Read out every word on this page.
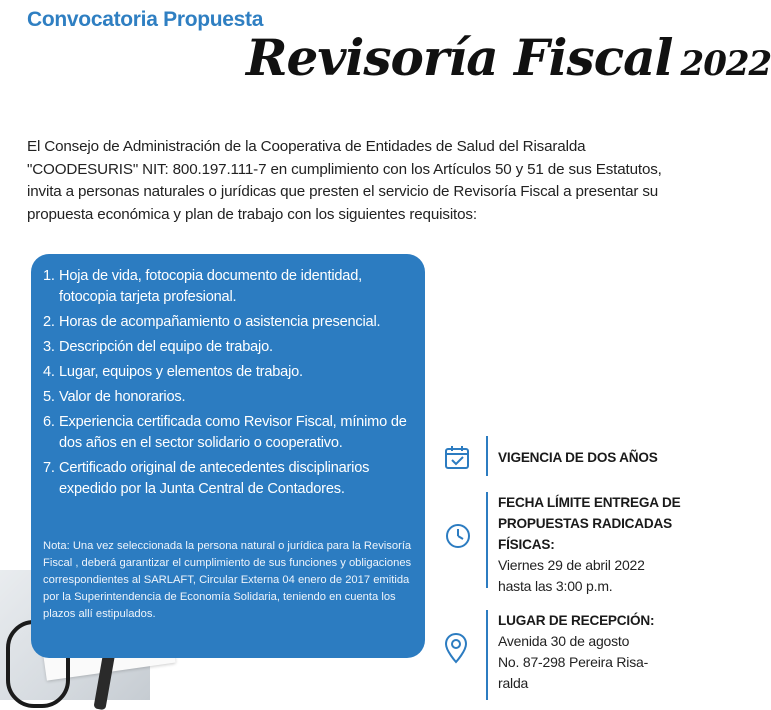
Convocatoria Propuesta
Revisoría Fiscal 2022
El Consejo de Administración de la Cooperativa de Entidades de Salud del Risaralda "COODESURIS" NIT: 800.197.111-7 en cumplimiento con los Artículos 50 y 51 de sus Estatutos, invita a personas naturales o jurídicas que presten el servicio de Revisoría Fiscal a presentar su propuesta económica y plan de trabajo con los siguientes requisitos:
1. Hoja de vida, fotocopia documento de identidad, fotocopia tarjeta profesional.
2. Horas de acompañamiento o asistencia presencial.
3. Descripción del equipo de trabajo.
4. Lugar, equipos y elementos de trabajo.
5. Valor de honorarios.
6. Experiencia certificada como Revisor Fiscal, mínimo de dos años en el sector solidario o cooperativo.
7. Certificado original de antecedentes disciplinarios expedido por la Junta Central de Contadores.
Nota: Una vez seleccionada la persona natural o jurídica para la Revisoría Fiscal , deberá garantizar el cumplimiento de sus funciones y obligaciones correspondientes al SARLAFT, Circular Externa 04 enero de 2017 emitida por la Superintendencia de Economía Solidaria, teniendo en cuenta los plazos allí estipulados.
VIGENCIA DE DOS AÑOS
FECHA LÍMITE ENTREGA DE
PROPUESTAS RADICADAS FÍSICAS:
Viernes 29 de abril 2022
hasta las 3:00 p.m.
LUGAR DE RECEPCIÓN:
Avenida 30 de agosto
No. 87-298 Pereira Risa-
ralda
